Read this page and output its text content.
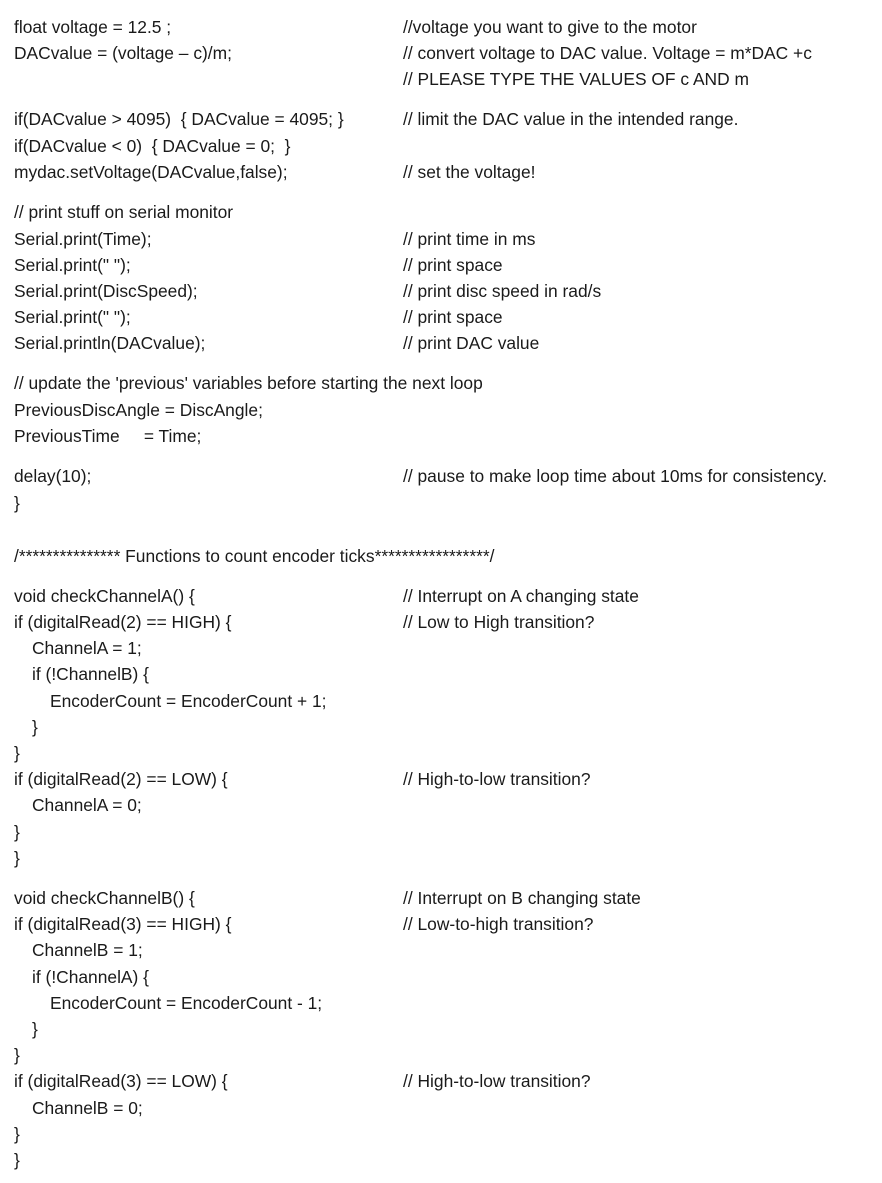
float voltage = 12.5 ;	//voltage you want to give to the motor
DACvalue = (voltage – c)/m;	// convert voltage to DAC value. Voltage = m*DAC +c
// PLEASE TYPE THE VALUES OF c AND m
if(DACvalue > 4095)  { DACvalue = 4095; }	// limit the DAC value in the intended range.
if(DACvalue < 0)  { DACvalue = 0;  }
mydac.setVoltage(DACvalue,false);	// set the voltage!
// print stuff on serial monitor
Serial.print(Time);	// print time in ms
Serial.print(" ");	// print space
Serial.print(DiscSpeed);	// print disc speed in rad/s
Serial.print(" ");	// print space
Serial.println(DACvalue);	// print DAC value
// update the 'previous' variables before starting the next loop
PreviousDiscAngle = DiscAngle;
PreviousTime     = Time;
delay(10);	// pause to make loop time about 10ms for consistency.
}
/*************** Functions to count encoder ticks*****************/
void checkChannelA() {	// Interrupt on A changing state
if (digitalRead(2) == HIGH) {	// Low to High transition?
ChannelA = 1;
if (!ChannelB) {
EncoderCount = EncoderCount + 1;
}
}
if (digitalRead(2) == LOW) {	// High-to-low transition?
ChannelA = 0;
}
}
void checkChannelB() {	// Interrupt on B changing state
if (digitalRead(3) == HIGH) {	// Low-to-high transition?
ChannelB = 1;
if (!ChannelA) {
EncoderCount = EncoderCount - 1;
}
}
if (digitalRead(3) == LOW) {	// High-to-low transition?
ChannelB = 0;
}
}
